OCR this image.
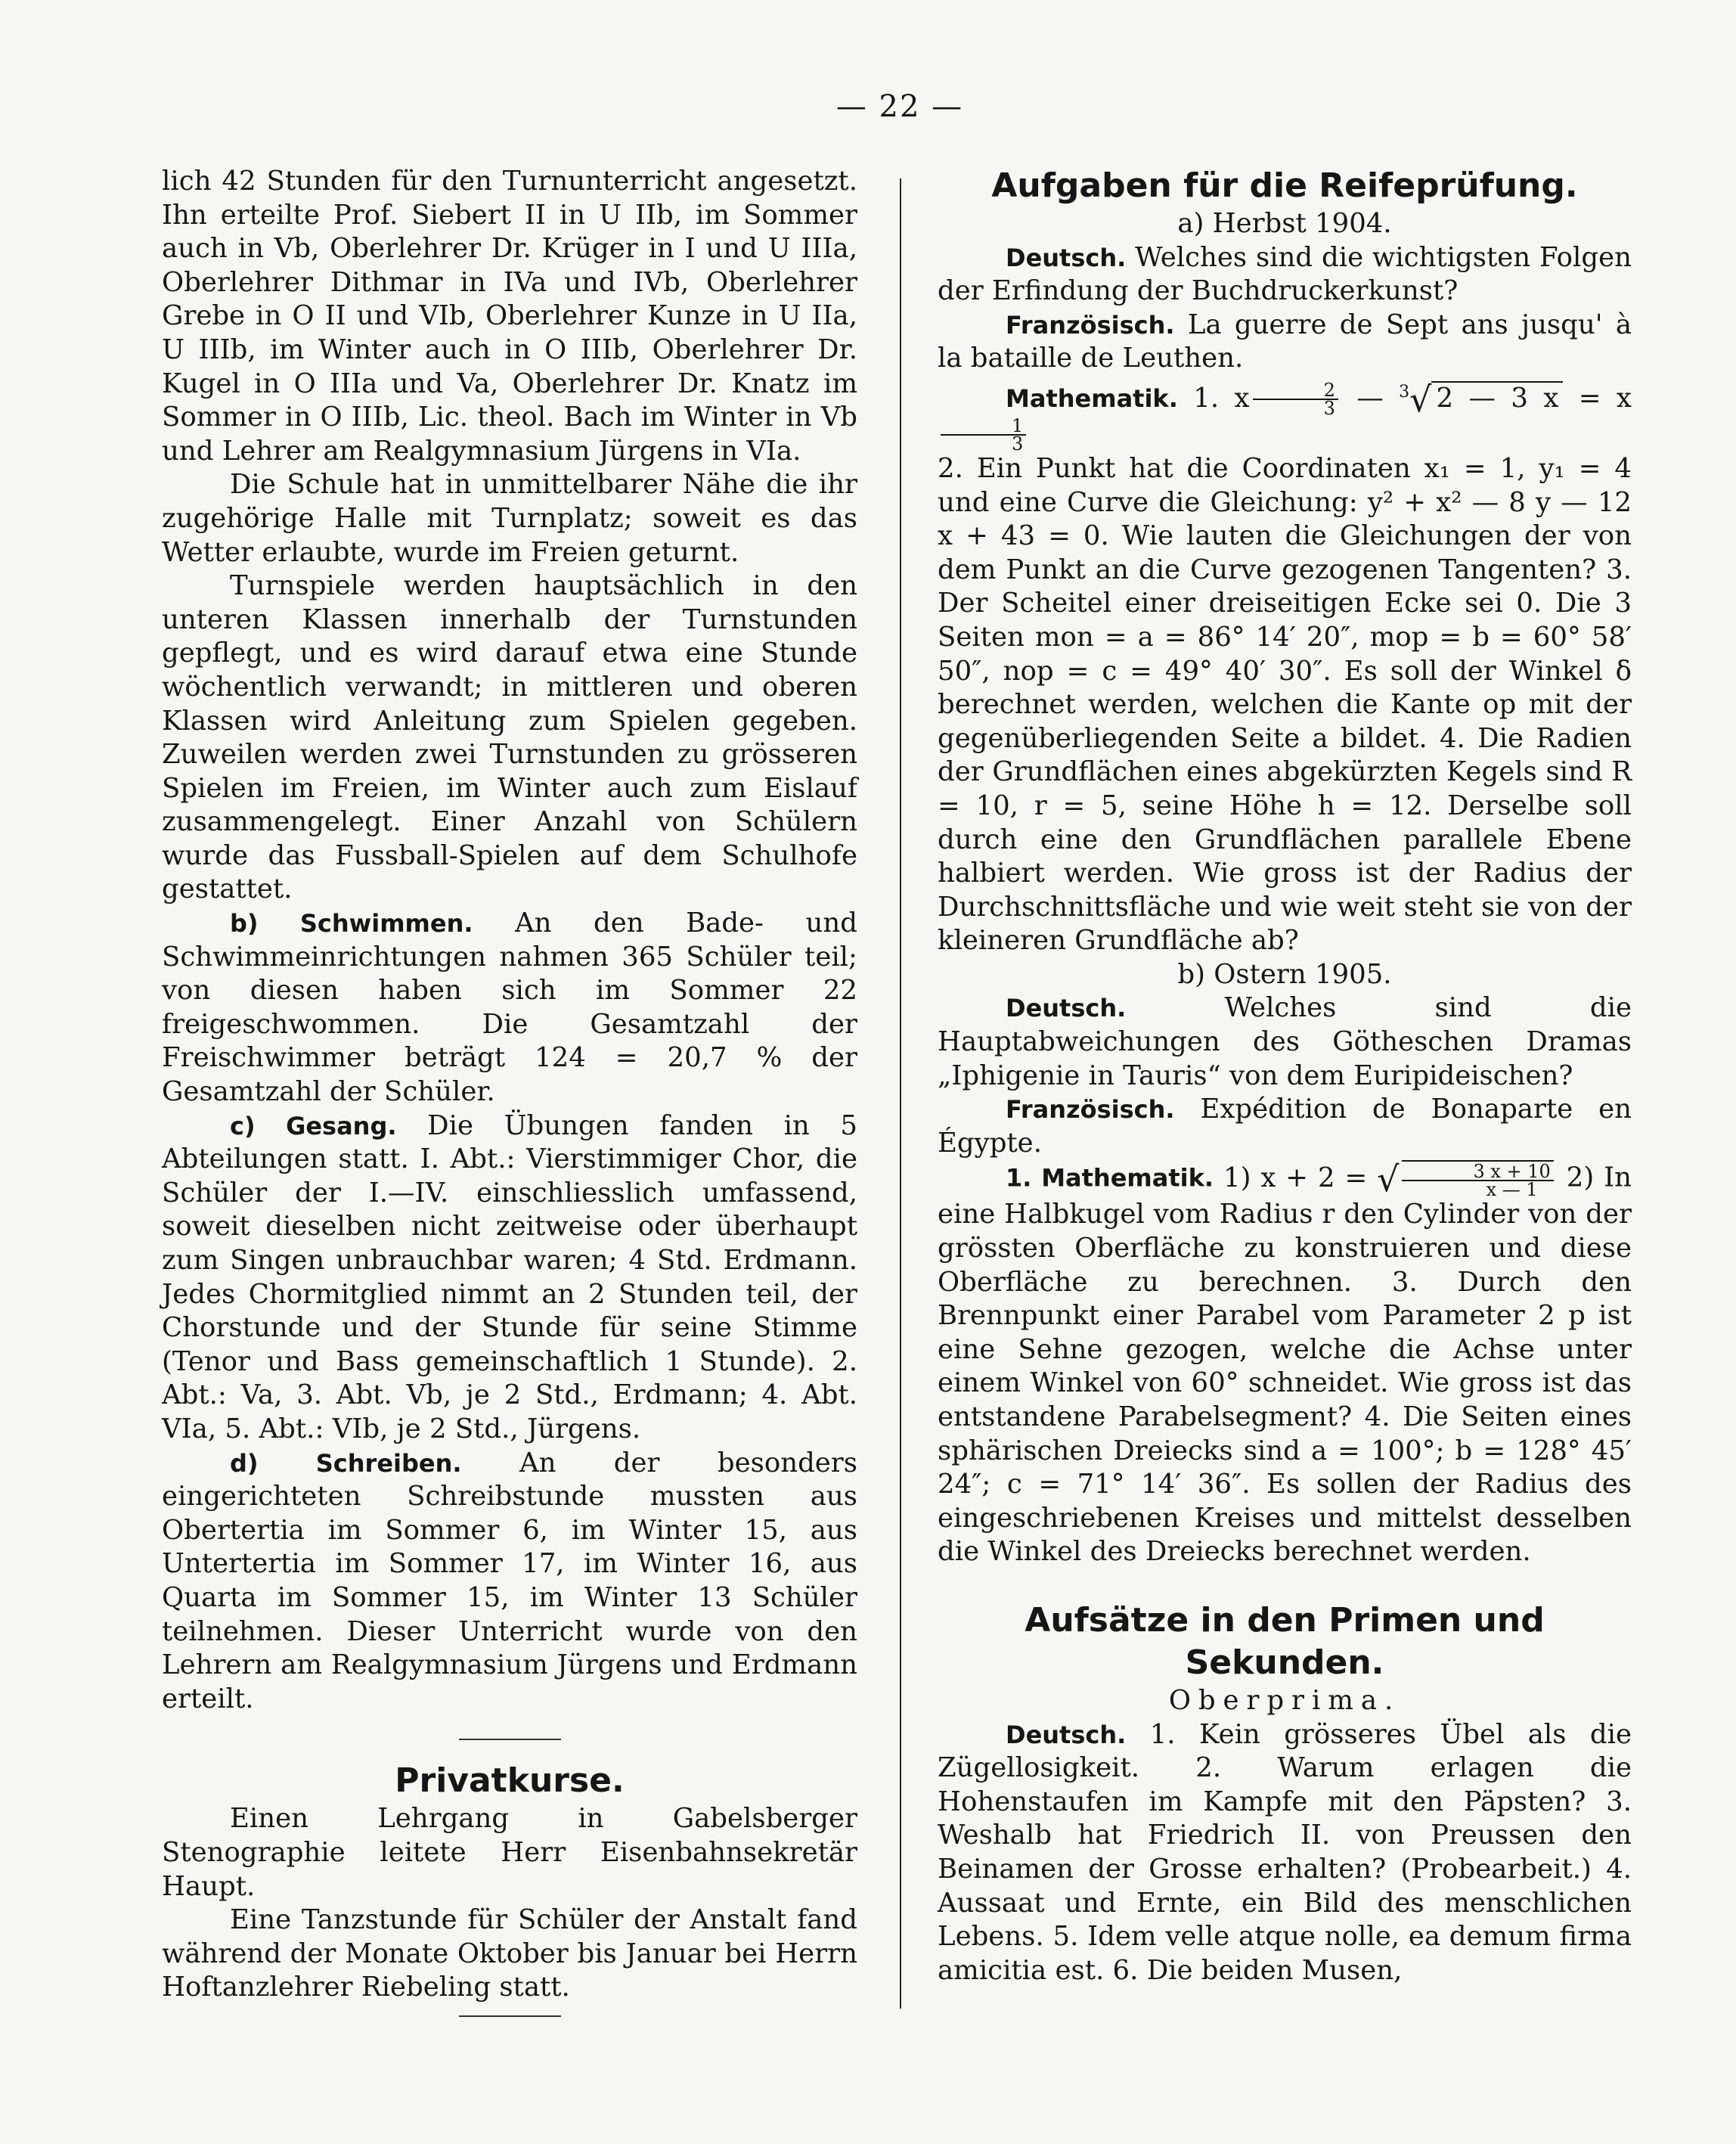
— 22 —

lich 42 Stunden für den Turnunterricht angesetzt. Ihn erteilte Prof. Siebert II in U IIb, im Sommer auch in Vb, Oberlehrer Dr. Krüger in I und U IIIa, Oberlehrer Dithmar in IVa und IVb, Oberlehrer Grebe in O II und VIb, Oberlehrer Kunze in U IIa, U IIIb, im Winter auch in O IIIb, Oberlehrer Dr. Kugel in O IIIa und Va, Oberlehrer Dr. Knatz im Sommer in O IIIb, Lic. theol. Bach im Winter in Vb und Lehrer am Realgymnasium Jürgens in VIa.

Die Schule hat in unmittelbarer Nähe die ihr zugehörige Halle mit Turnplatz; soweit es das Wetter erlaubte, wurde im Freien geturnt.

Turnspiele werden hauptsächlich in den unteren Klassen innerhalb der Turnstunden gepflegt, und es wird darauf etwa eine Stunde wöchentlich verwandt; in mittleren und oberen Klassen wird Anleitung zum Spielen gegeben. Zuweilen werden zwei Turnstunden zu grösseren Spielen im Freien, im Winter auch zum Eislauf zusammengelegt. Einer Anzahl von Schülern wurde das Fussball-Spielen auf dem Schulhofe gestattet.

b) Schwimmen. An den Bade- und Schwimmeinrichtungen nahmen 365 Schüler teil; von diesen haben sich im Sommer 22 freigeschwommen. Die Gesamtzahl der Freischwimmer beträgt 124 = 20,7 % der Gesamtzahl der Schüler.

c) Gesang. Die Übungen fanden in 5 Abteilungen statt. I. Abt.: Vierstimmiger Chor, die Schüler der I.—IV. einschliesslich umfassend, soweit dieselben nicht zeitweise oder überhaupt zum Singen unbrauchbar waren; 4 Std. Erdmann. Jedes Chormitglied nimmt an 2 Stunden teil, der Chorstunde und der Stunde für seine Stimme (Tenor und Bass gemeinschaftlich 1 Stunde). 2. Abt.: Va, 3. Abt. Vb, je 2 Std., Erdmann; 4. Abt. VIa, 5. Abt.: VIb, je 2 Std., Jürgens.

d) Schreiben. An der besonders eingerichteten Schreibstunde mussten aus Obertertia im Sommer 6, im Winter 15, aus Untertertia im Sommer 17, im Winter 16, aus Quarta im Sommer 15, im Winter 13 Schüler teilnehmen. Dieser Unterricht wurde von den Lehrern am Realgymnasium Jürgens und Erdmann erteilt.

Privatkurse.

Einen Lehrgang in Gabelsberger Stenographie leitete Herr Eisenbahnsekretär Haupt.

Eine Tanzstunde für Schüler der Anstalt fand während der Monate Oktober bis Januar bei Herrn Hoftanzlehrer Riebeling statt.

Aufgaben für die Reifeprüfung.

a) Herbst 1904.

Deutsch. Welches sind die wichtigsten Folgen der Erfindung der Buchdruckerkunst?

Französisch. La guerre de Sept ans jusqu' à la bataille de Leuthen.

Mathematik. 1. x $\frac{2}{3}$ — $^3$√ 2 — 3 x = x
$\frac{1}{3}$

2. Ein Punkt hat die Coordinaten x₁ = 1, y₁ = 4 und eine Curve die Gleichung: y² + x² — 8 y — 12 x + 43 = 0. Wie lauten die Gleichungen der von dem Punkt an die Curve gezogenen Tangenten? 3. Der Scheitel einer dreiseitigen Ecke sei 0. Die 3 Seiten mon = a = 86° 14′ 20″, mop = b = 60° 58′ 50″, nop = c = 49° 40′ 30″. Es soll der Winkel δ berechnet werden, welchen die Kante op mit der gegenüberliegenden Seite a bildet. 4. Die Radien der Grundflächen eines abgekürzten Kegels sind R = 10, r = 5, seine Höhe h = 12. Derselbe soll durch eine den Grundflächen parallele Ebene halbiert werden. Wie gross ist der Radius der Durchschnittsfläche und wie weit steht sie von der kleineren Grundfläche ab?

b) Ostern 1905.

Deutsch.	Welches sind die Hauptabweichungen des Götheschen Dramas „Iphigenie in Tauris“ von dem Euripideischen?

Französisch. Expédition de Bonaparte en Égypte.

1. Mathematik. 1) x + 2 = √ $\frac{3 x + 10}{x — 1} 2$) In eine Halbkugel vom Radius r den Cylinder von der grössten Oberfläche zu konstruieren und diese Oberfläche zu berechnen. 3. Durch den Brennpunkt einer Parabel vom Parameter 2 p ist eine Sehne gezogen, welche die Achse unter einem Winkel von 60° schneidet. Wie gross ist das entstandene Parabelsegment? 4. Die Seiten eines sphärischen Dreiecks sind a = 100°; b = 128° 45′ 24″; c = 71° 14′ 36″. Es sollen der Radius des eingeschriebenen Kreises und mittelst desselben die Winkel des Dreiecks berechnet werden.

Aufsätze in den Primen und Sekunden.

Oberprima.

Deutsch. 1. Kein grösseres Übel als die Zügellosigkeit. 2. Warum erlagen die Hohenstaufen im Kampfe mit den Päpsten? 3. Weshalb hat Friedrich II. von Preussen den Beinamen der Grosse erhalten? (Probearbeit.) 4. Aussaat und Ernte, ein Bild des menschlichen Lebens. 5. Idem velle atque nolle, ea demum firma amicitia est. 6. Die beiden Musen,
